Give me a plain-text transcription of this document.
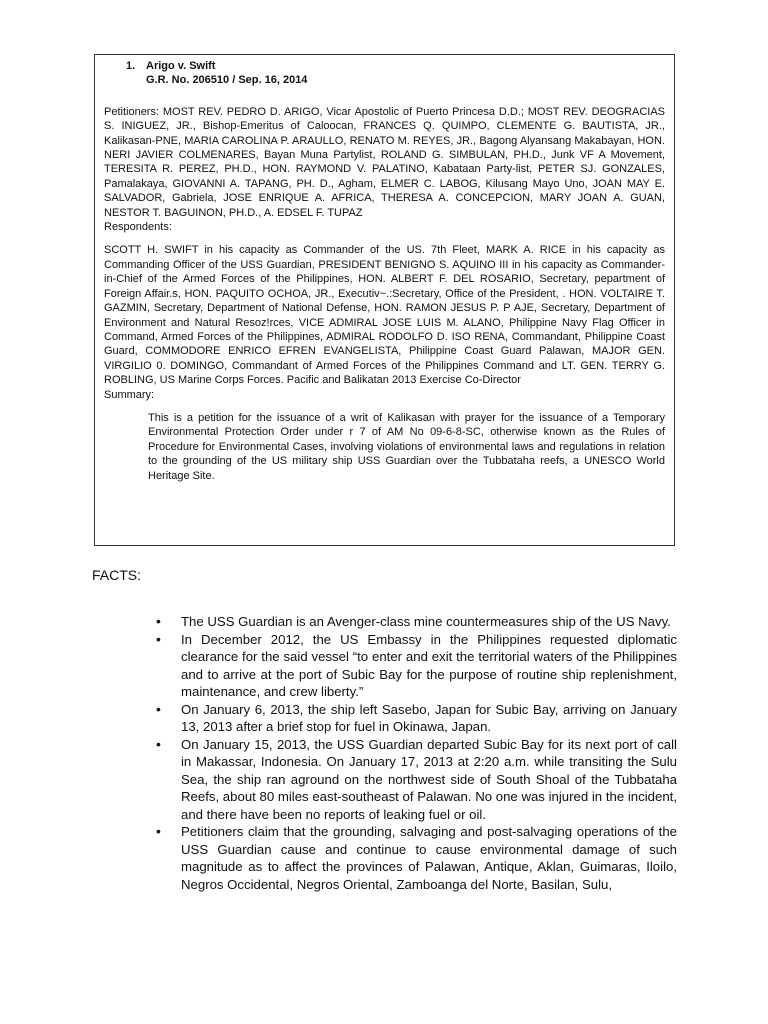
1. Arigo v. Swift
G.R. No. 206510 / Sep. 16, 2014

Petitioners: MOST REV. PEDRO D. ARIGO, Vicar Apostolic of Puerto Princesa D.D.; MOST REV. DEOGRACIAS S. INIGUEZ, JR., Bishop-Emeritus of Caloocan, FRANCES Q. QUIMPO, CLEMENTE G. BAUTISTA, JR., Kalikasan-PNE, MARIA CAROLINA P. ARAULLO, RENATO M. REYES, JR., Bagong Alyansang Makabayan, HON. NERI JAVIER COLMENARES, Bayan Muna Partylist, ROLAND G. SIMBULAN, PH.D., Junk VF A Movement, TERESITA R. PEREZ, PH.D., HON. RAYMOND V. PALATINO, Kabataan Party-list, PETER SJ. GONZALES, Pamalakaya, GIOVANNI A. TAPANG, PH. D., Agham, ELMER C. LABOG, Kilusang Mayo Uno, JOAN MAY E. SALVADOR, Gabriela, JOSE ENRIQUE A. AFRICA, THERESA A. CONCEPCION, MARY JOAN A. GUAN, NESTOR T. BAGUINON, PH.D., A. EDSEL F. TUPAZ

Respondents:

SCOTT H. SWIFT in his capacity as Commander of the US. 7th Fleet, MARK A. RICE in his capacity as Commanding Officer of the USS Guardian, PRESIDENT BENIGNO S. AQUINO III in his capacity as Commander-in-Chief of the Armed Forces of the Philippines, HON. ALBERT F. DEL ROSARIO, Secretary, pepartment of Foreign Affair.s, HON. PAQUITO OCHOA, JR., Executiv~.:Secretary, Office of the President, . HON. VOLTAIRE T. GAZMIN, Secretary, Department of National Defense, HON. RAMON JESUS P. P AJE, Secretary, Department of Environment and Natural Resoz!rces, VICE ADMIRAL JOSE LUIS M. ALANO, Philippine Navy Flag Officer in Command, Armed Forces of the Philippines, ADMIRAL RODOLFO D. ISO RENA, Commandant, Philippine Coast Guard, COMMODORE ENRICO EFREN EVANGELISTA, Philippine Coast Guard Palawan, MAJOR GEN. VIRGILIO 0. DOMINGO, Commandant of Armed Forces of the Philippines Command and LT. GEN. TERRY G. ROBLING, US Marine Corps Forces. Pacific and Balikatan 2013 Exercise Co-Director

Summary:

This is a petition for the issuance of a writ of Kalikasan with prayer for the issuance of a Temporary Environmental Protection Order under r 7 of AM No 09-6-8-SC, otherwise known as the Rules of Procedure for Environmental Cases, involving violations of environmental laws and regulations in relation to the grounding of the US military ship USS Guardian over the Tubbataha reefs, a UNESCO World Heritage Site.

FACTS:
• The USS Guardian is an Avenger-class mine countermeasures ship of the US Navy.
• In December 2012, the US Embassy in the Philippines requested diplomatic clearance for the said vessel “to enter and exit the territorial waters of the Philippines and to arrive at the port of Subic Bay for the purpose of routine ship replenishment, maintenance, and crew liberty.”
• On January 6, 2013, the ship left Sasebo, Japan for Subic Bay, arriving on January 13, 2013 after a brief stop for fuel in Okinawa, Japan.
• On January 15, 2013, the USS Guardian departed Subic Bay for its next port of call in Makassar, Indonesia. On January 17, 2013 at 2:20 a.m. while transiting the Sulu Sea, the ship ran aground on the northwest side of South Shoal of the Tubbataha Reefs, about 80 miles east-southeast of Palawan. No one was injured in the incident, and there have been no reports of leaking fuel or oil.
• Petitioners claim that the grounding, salvaging and post-salvaging operations of the USS Guardian cause and continue to cause environmental damage of such magnitude as to affect the provinces of Palawan, Antique, Aklan, Guimaras, Iloilo, Negros Occidental, Negros Oriental, Zamboanga del Norte, Basilan, Sulu,
